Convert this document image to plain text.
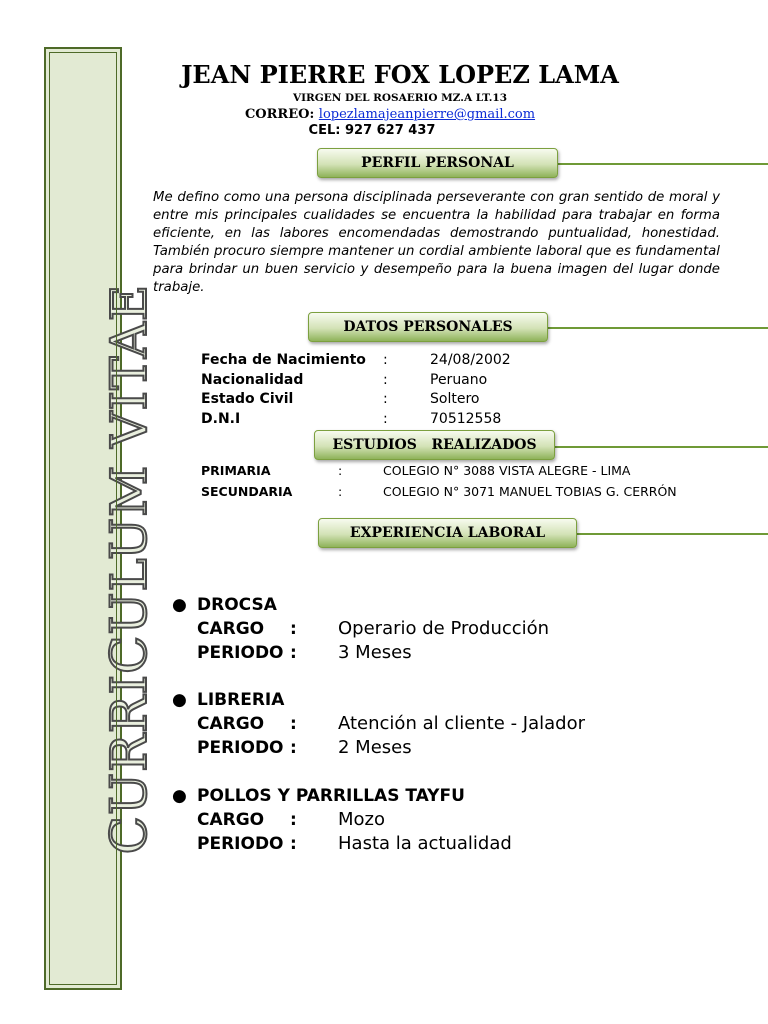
CURRICULUM VITAE
JEAN PIERRE FOX LOPEZ LAMA
VIRGEN DEL ROSAERIO MZ.A LT.13
CORREO: lopezlamajeanpierre@gmail.com
CEL: 927 627 437
PERFIL PERSONAL
Me defino como una persona disciplinada perseverante con gran sentido de moral y entre mis principales cualidades se encuentra la habilidad para trabajar en forma eficiente, en las labores encomendadas demostrando puntualidad, honestidad. También procuro siempre mantener un cordial ambiente laboral que es fundamental para brindar un buen servicio y desempeño para la buena imagen del lugar donde trabaje.
DATOS PERSONALES
Fecha de Nacimiento :	24/08/2002
Nacionalidad	:	Peruano
Estado Civil	:	Soltero
D.N.I	:	70512558
ESTUDIOS   REALIZADOS
PRIMARIA	:	COLEGIO N° 3088 VISTA ALEGRE - LIMA
SECUNDARIA	:	COLEGIO N° 3071 MANUEL TOBIAS G. CERRÓN
EXPERIENCIA LABORAL
● DROCSA
CARGO : Operario de Producción
PERIODO : 3 Meses
● LIBRERIA
CARGO : Atención al cliente - Jalador
PERIODO : 2 Meses
● POLLOS Y PARRILLAS TAYFU
CARGO : Mozo
PERIODO : Hasta la actualidad
